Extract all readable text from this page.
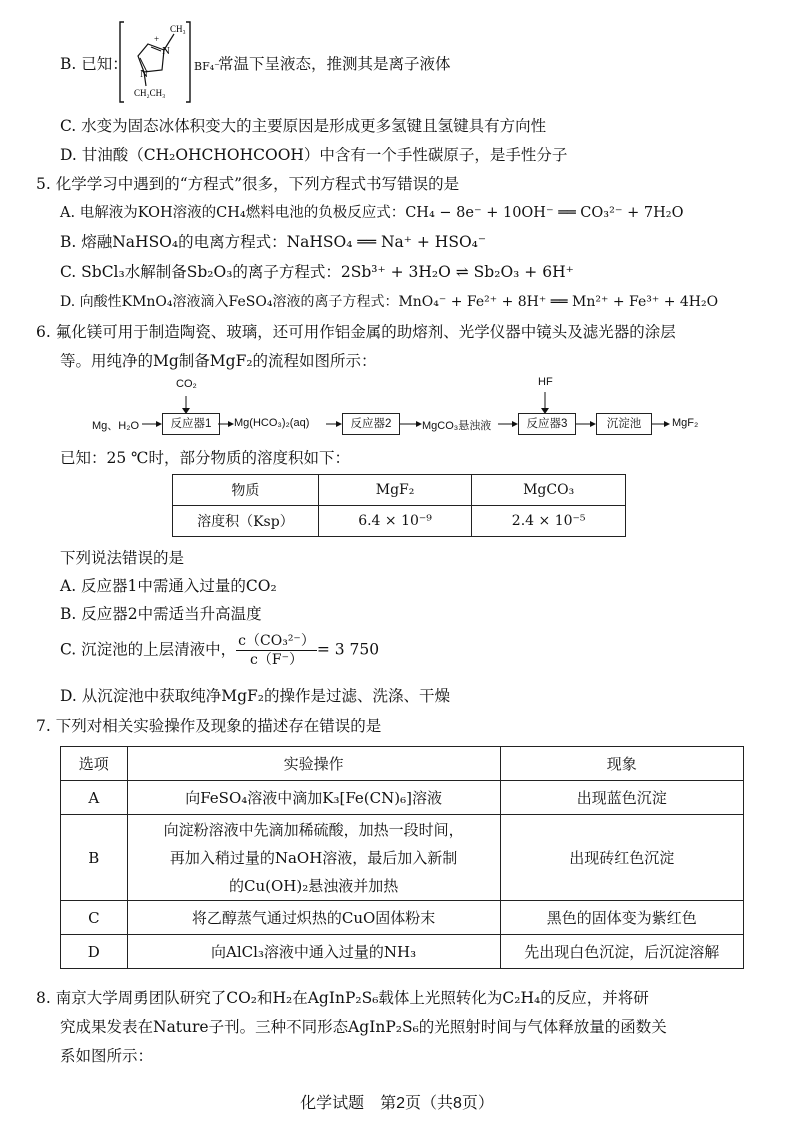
B. 已知：
N
N
CH₃
CH₂CH₃
+
BF₄⁻
常温下呈液态，推测其是离子液体
C. 水变为固态冰体积变大的主要原因是形成更多氢键且氢键具有方向性
D. 甘油酸（CH₂OHCHOHCOOH）中含有一个手性碳原子，是手性分子
5. 化学学习中遇到的“方程式”很多，下列方程式书写错误的是
A. 电解液为KOH溶液的CH₄燃料电池的负极反应式：CH₄ − 8e⁻ + 10OH⁻ ══ CO₃²⁻ + 7H₂O
B. 熔融NaHSO₄的电离方程式：NaHSO₄ ══ Na⁺ + HSO₄⁻
C. SbCl₃水解制备Sb₂O₃的离子方程式：2Sb³⁺ + 3H₂O ⇌ Sb₂O₃ + 6H⁺
D. 向酸性KMnO₄溶液滴入FeSO₄溶液的离子方程式：MnO₄⁻ + Fe²⁺ + 8H⁺ ══ Mn²⁺ + Fe³⁺ + 4H₂O
6. 氟化镁可用于制造陶瓷、玻璃，还可用作铝金属的助熔剂、光学仪器中镜头及滤光器的涂层
等。用纯净的Mg制备MgF₂的流程如图所示：
Mg、H₂O
CO₂
反应器1	Mg(HCO₃)₂(aq)	反应器2	MgCO₃悬浊液
HF
反应器3	沉淀池	MgF₂
已知：25 ℃时，部分物质的溶度积如下：
物质	MgF₂	MgCO₃
溶度积（Ksp）	6.4 × 10⁻⁹	2.4 × 10⁻⁵
下列说法错误的是
A. 反应器1中需通入过量的CO₂
B. 反应器2中需适当升高温度
C. 沉淀池的上层清液中， $\frac{\text{c（CO₃²⁻）}}{c(F^-)} = 3$ 750
D. 从沉淀池中获取纯净MgF₂的操作是过滤、洗涤、干燥
7. 下列对相关实验操作及现象的描述存在错误的是
选项	实验操作	现象
A	向FeSO₄溶液中滴加K₃[Fe(CN)₆]溶液	出现蓝色沉淀
B	向淀粉溶液中先滴加稀硫酸，加热一段时间，
再加入稍过量的NaOH溶液，最后加入新制
的Cu(OH)₂悬浊液并加热	出现砖红色沉淀
C	将乙醇蒸气通过炽热的CuO固体粉末	黑色的固体变为紫红色
D	向AlCl₃溶液中通入过量的NH₃	先出现白色沉淀，后沉淀溶解
8. 南京大学周勇团队研究了CO₂和H₂在AgInP₂S₆载体上光照转化为C₂H₄的反应，并将研
究成果发表在Nature子刊。三种不同形态AgInP₂S₆的光照射时间与气体释放量的函数关
系如图所示：
化学试题　第2页（共8页）
